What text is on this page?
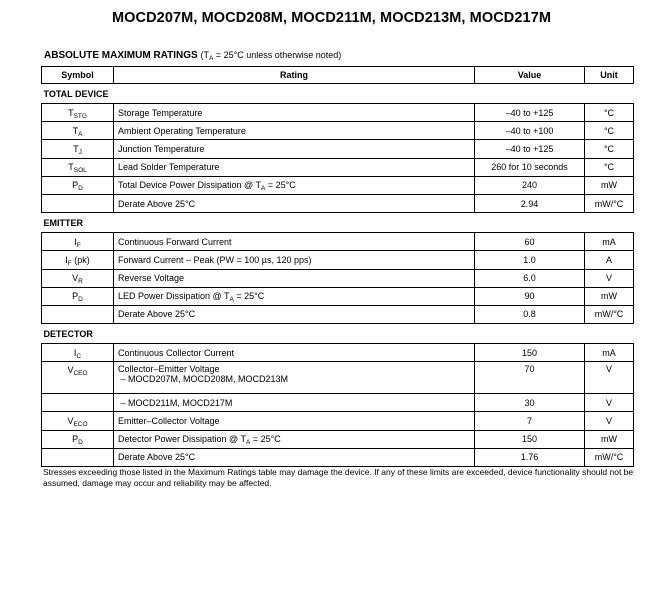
MOCD207M, MOCD208M, MOCD211M, MOCD213M, MOCD217M
ABSOLUTE MAXIMUM RATINGS ($T_A = 25^\circ C$ unless otherwise noted)
Symbol	Rating	Value	Unit
TOTAL DEVICE			
$T_{STG}$	Storage Temperature	–40 to +125	°C
$T_A$	Ambient Operating Temperature	–40 to +100	°C
$T_J$	Junction Temperature	–40 to +125	°C
$T_{SOL}$	Lead Solder Temperature	260 for 10 seconds	°C
$P_D$	Total Device Power Dissipation @ $T_A = 25^\circ C$	240	mW
	Derate Above 25°C	2.94	mW/°C
EMITTER			
$I_F$	Continuous Forward Current	60	mA
$I_F$ (pk)	Forward Current – Peak (PW = 100 µs, 120 pps)	1.0	A
$V_R$	Reverse Voltage	6.0	V
$P_D$	LED Power Dissipation @ $T_A = 25^\circ C$	90	mW
	Derate Above 25°C	0.8	mW/°C
DETECTOR			
$I_C$	Continuous Collector Current	150	mA
$V_{CEO}$	Collector–Emitter Voltage
– MOCD207M, MOCD208M, MOCD213M	70	V
	– MOCD211M, MOCD217M	30	V
$V_{ECO}$	Emitter–Collector Voltage	7	V
$P_D$	Detector Power Dissipation @ $T_A = 25^\circ C$	150	mW
	Derate Above 25°C	1.76	mW/°C
Stresses exceeding those listed in the Maximum Ratings table may damage the device. If any of these limits are exceeded, device functionality should not be assumed, damage may occur and reliability may be affected.
